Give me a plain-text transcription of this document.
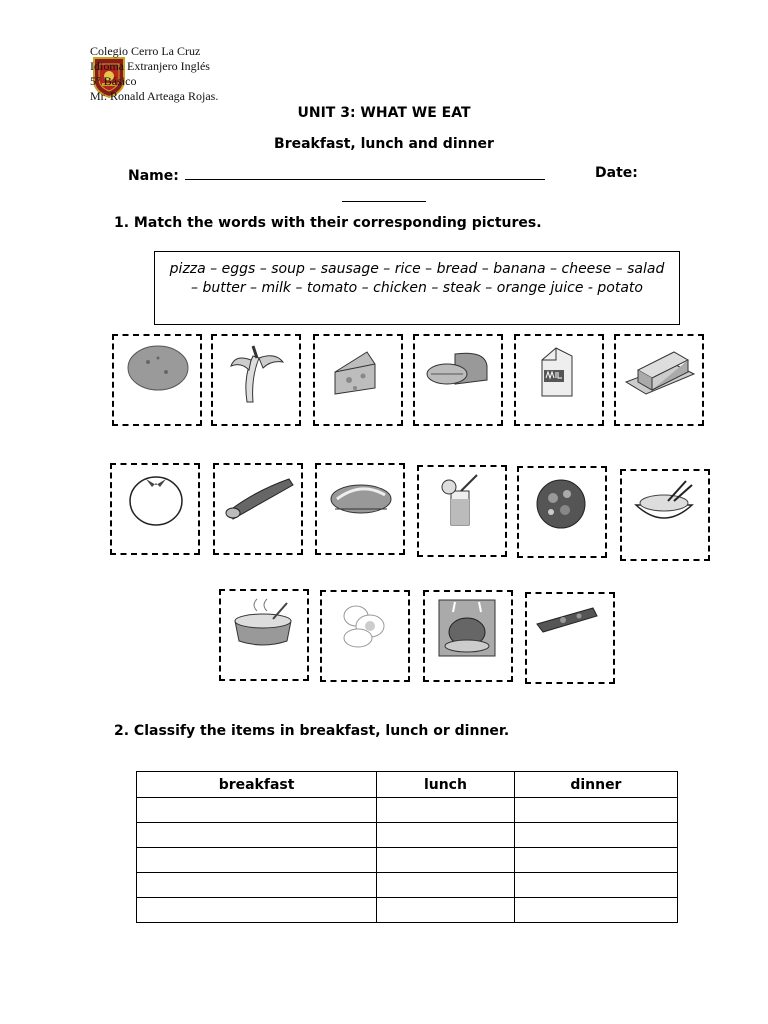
Colegio Cerro La Cruz
Idioma Extranjero Inglés
5° Básico
Mr. Ronald Arteaga Rojas.
UNIT 3: WHAT WE EAT
Breakfast, lunch and dinner
Name:	Date:
1. Match the words with their corresponding pictures.
pizza – eggs – soup – sausage – rice – bread – banana – cheese – salad – butter – milk – tomato – chicken – steak – orange juice - potato
2. Classify the items in breakfast, lunch or dinner.
breakfast	lunch	dinner
